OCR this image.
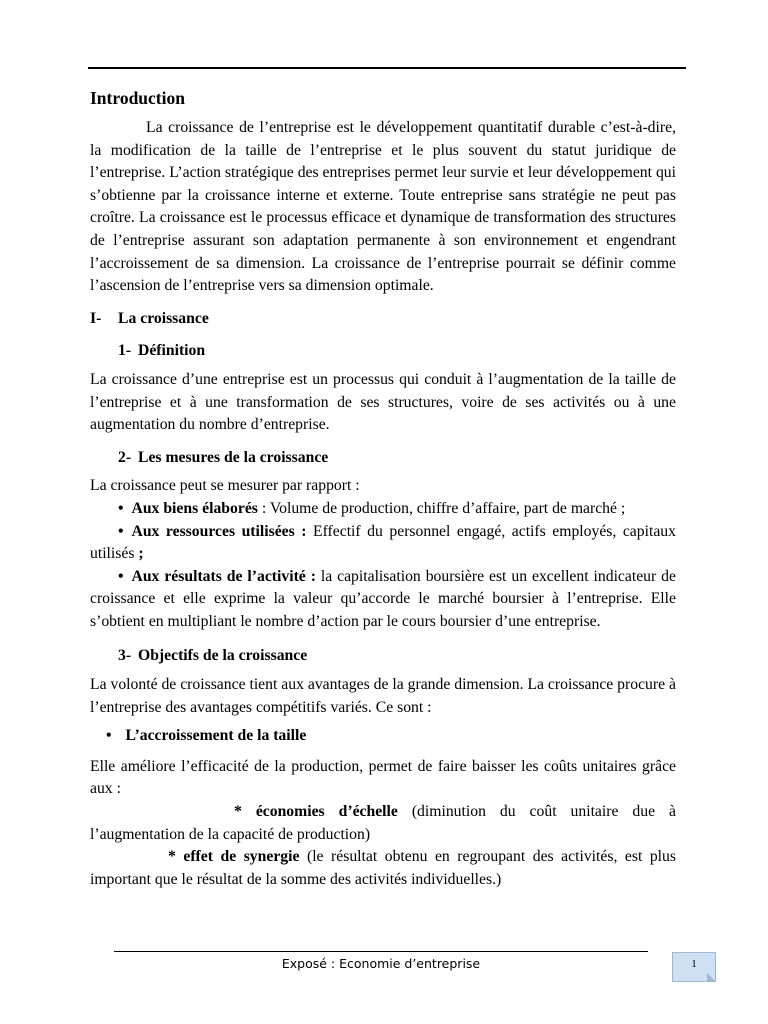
Introduction

La croissance de l’entreprise est le développement quantitatif durable c’est-à-dire, la modification de la taille de l’entreprise et le plus souvent du statut juridique de l’entreprise. L’action stratégique des entreprises permet leur survie et leur développement qui s’obtienne par la croissance interne et externe. Toute entreprise sans stratégie ne peut pas croître. La croissance est le processus efficace et dynamique de transformation des structures de l’entreprise assurant son adaptation permanente à son environnement et engendrant l’accroissement de sa dimension. La croissance de l’entreprise pourrait se définir comme l’ascension de l’entreprise vers sa dimension optimale.

I-	La croissance
1- Définition

La croissance d’une entreprise est un processus qui conduit à l’augmentation de la taille de l’entreprise et à une transformation de ses structures, voire de ses activités ou à une augmentation du nombre d’entreprise.

2- Les mesures de la croissance

La croissance peut se mesurer par rapport :

• Aux biens élaborés : Volume de production, chiffre d’affaire, part de marché ;

• Aux ressources utilisées : Effectif du personnel engagé, actifs employés, capitaux utilisés ;

• Aux résultats de l’activité : la capitalisation boursière est un excellent indicateur de croissance et elle exprime la valeur qu’accorde le marché boursier à l’entreprise. Elle s’obtient en multipliant le nombre d’action par le cours boursier d’une entreprise.

3- Objectifs de la croissance

La volonté de croissance tient aux avantages de la grande dimension. La croissance procure à l’entreprise des avantages compétitifs variés. Ce sont :

• L’accroissement de la taille

Elle améliore l’efficacité de la production, permet de faire baisser les coûts unitaires grâce aux :

* économies d’échelle (diminution du coût unitaire due à l’augmentation de la capacité de production)

* effet de synergie (le résultat obtenu en regroupant des activités, est plus important que le résultat de la somme des activités individuelles.)

Exposé : Economie d’entreprise	1
